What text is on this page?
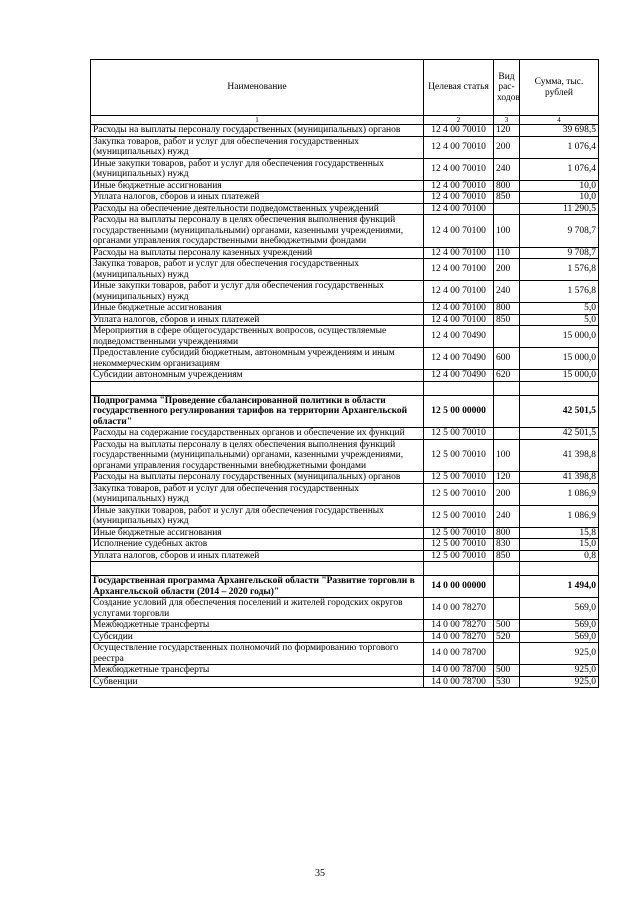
Наименование	Целевая статья	Вид рас-ходов	Сумма, тыс. рублей
1	2	3	4
Расходы на выплаты персоналу государственных (муниципальных) органов	12 4 00 70010	120	39 698,5
Закупка товаров, работ и услуг для обеспечения государственных (муниципальных) нужд	12 4 00 70010	200	1 076,4
Иные закупки товаров, работ и услуг для обеспечения государственных (муниципальных) нужд	12 4 00 70010	240	1 076,4
Иные бюджетные ассигнования	12 4 00 70010	800	10,0
Уплата налогов, сборов и иных платежей	12 4 00 70010	850	10,0
Расходы на обеспечение деятельности подведомственных учреждений	12 4 00 70100		11 290,5
Расходы на выплаты персоналу в целях обеспечения выполнения функций государственными (муниципальными) органами, казенными учреждениями, органами управления государственными внебюджетными фондами	12 4 00 70100	100	9 708,7
Расходы на выплаты персоналу казенных учреждений	12 4 00 70100	110	9 708,7
Закупка товаров, работ и услуг для обеспечения государственных (муниципальных) нужд	12 4 00 70100	200	1 576,8
Иные закупки товаров, работ и услуг для обеспечения государственных (муниципальных) нужд	12 4 00 70100	240	1 576,8
Иные бюджетные ассигнования	12 4 00 70100	800	5,0
Уплата налогов, сборов и иных платежей	12 4 00 70100	850	5,0
Мероприятия в сфере общегосударственных вопросов, осуществляемые подведомственными учреждениями	12 4 00 70490		15 000,0
Предоставление субсидий бюджетным, автономным учреждениям и иным некоммерческим организациям	12 4 00 70490	600	15 000,0
Субсидии автономным учреждениям	12 4 00 70490	620	15 000,0

Подпрограмма "Проведение сбалансированной политики в области государственного регулирования тарифов на территории Архангельской области"	12 5 00 00000		42 501,5
Расходы на содержание государственных органов и обеспечение их функций	12 5 00 70010		42 501,5
Расходы на выплаты персоналу в целях обеспечения выполнения функций государственными (муниципальными) органами, казенными учреждениями, органами управления государственными внебюджетными фондами	12 5 00 70010	100	41 398,8
Расходы на выплаты персоналу государственных (муниципальных) органов	12 5 00 70010	120	41 398,8
Закупка товаров, работ и услуг для обеспечения государственных (муниципальных) нужд	12 5 00 70010	200	1 086,9
Иные закупки товаров, работ и услуг для обеспечения государственных (муниципальных) нужд	12 5 00 70010	240	1 086,9
Иные бюджетные ассигнования	12 5 00 70010	800	15,8
Исполнение судебных актов	12 5 00 70010	830	15,0
Уплата налогов, сборов и иных платежей	12 5 00 70010	850	0,8

Государственная программа Архангельской области "Развитие торговли в Архангельской области (2014 – 2020 годы)"	14 0 00 00000		1 494,0
Создание условий для обеспечения поселений и жителей городских округов услугами торговли	14 0 00 78270		569,0
Межбюджетные трансферты	14 0 00 78270	500	569,0
Субсидии	14 0 00 78270	520	569,0
Осуществление государственных полномочий по формированию торгового реестра	14 0 00 78700		925,0
Межбюджетные трансферты	14 0 00 78700	500	925,0
Субвенции	14 0 00 78700	530	925,0
35
